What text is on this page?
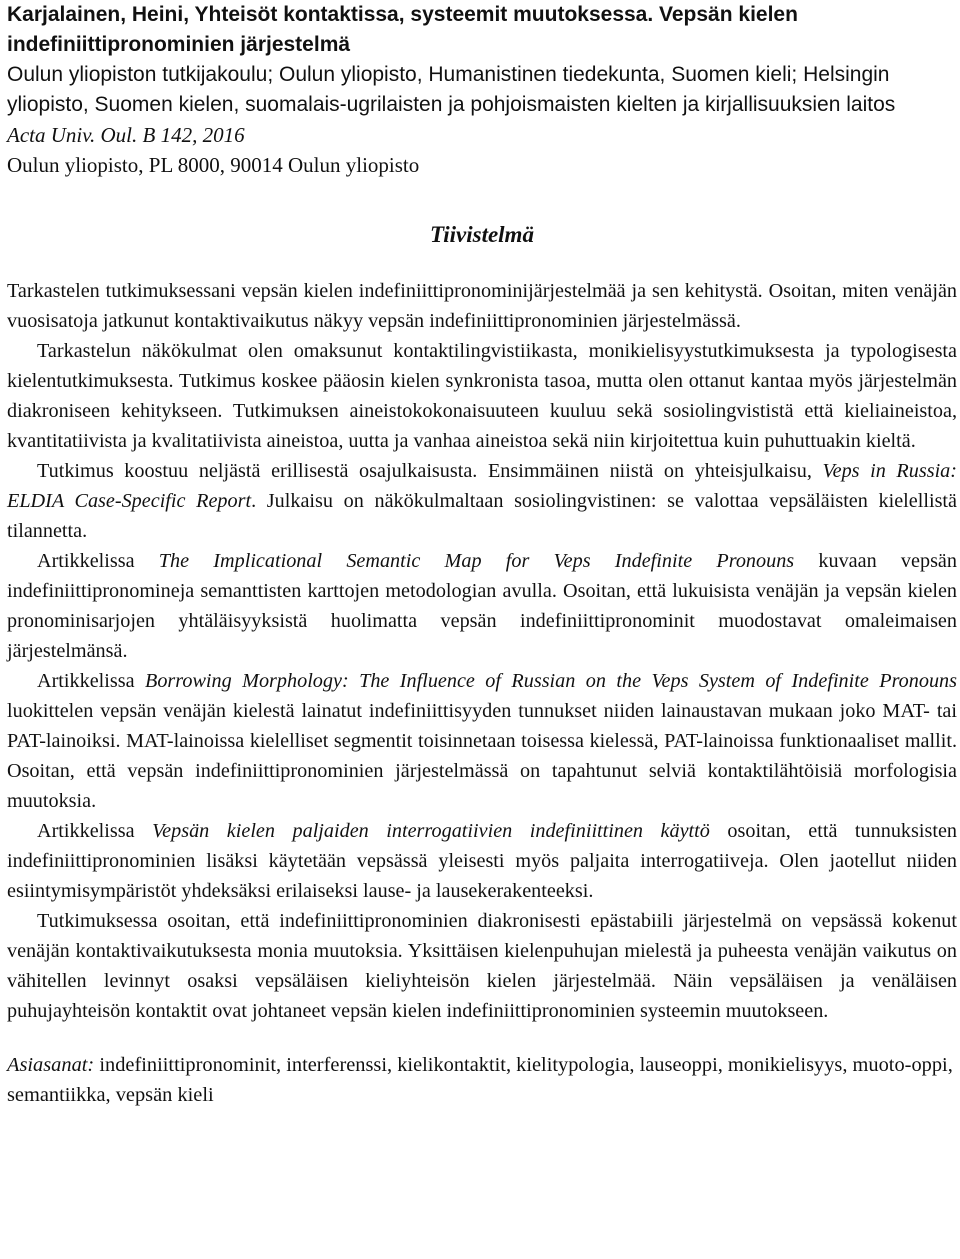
Karjalainen, Heini, Yhteisöt kontaktissa, systeemit muutoksessa. Vepsän kielen indefiniittipronominien järjestelmä

Oulun yliopiston tutkijakoulu; Oulun yliopisto, Humanistinen tiedekunta, Suomen kieli; Helsingin yliopisto, Suomen kielen, suomalais-ugrilaisten ja pohjoismaisten kielten ja kirjallisuuksien laitos

Acta Univ. Oul. B 142, 2016

Oulun yliopisto, PL 8000, 90014 Oulun yliopisto

Tiivistelmä

Tarkastelen tutkimuksessani vepsän kielen indefiniittipronominijärjestelmää ja sen kehitystä. Osoitan, miten venäjän vuosisatoja jatkunut kontaktivaikutus näkyy vepsän indefiniittipronominien järjestelmässä.

Tarkastelun näkökulmat olen omaksunut kontaktilingvistiikasta, monikielisyystutkimuksesta ja typologisesta kielentutkimuksesta. Tutkimus koskee pääosin kielen synkronista tasoa, mutta olen ottanut kantaa myös järjestelmän diakroniseen kehitykseen. Tutkimuksen aineistokokonaisuuteen kuuluu sekä sosiolingvististä että kieliaineistoa, kvantitatiivista ja kvalitatiivista aineistoa, uutta ja vanhaa aineistoa sekä niin kirjoitettua kuin puhuttuakin kieltä.

Tutkimus koostuu neljästä erillisestä osajulkaisusta. Ensimmäinen niistä on yhteisjulkaisu, Veps in Russia: ELDIA Case-Specific Report. Julkaisu on näkökulmaltaan sosiolingvistinen: se valottaa vepsäläisten kielellistä tilannetta.

Artikkelissa The Implicational Semantic Map for Veps Indefinite Pronouns kuvaan vepsän indefiniittipronomineja semanttisten karttojen metodologian avulla. Osoitan, että lukuisista venäjän ja vepsän kielen pronominisarjojen yhtäläisyyksistä huolimatta vepsän indefiniittipronominit muodostavat omaleimaisen järjestelmänsä.

Artikkelissa Borrowing Morphology: The Influence of Russian on the Veps System of Indefinite Pronouns luokittelen vepsän venäjän kielestä lainatut indefiniittisyyden tunnukset niiden lainaustavan mukaan joko MAT- tai PAT-lainoiksi. MAT-lainoissa kielelliset segmentit toisinnetaan toisessa kielessä, PAT-lainoissa funktionaaliset mallit. Osoitan, että vepsän indefiniittipronominien järjestelmässä on tapahtunut selviä kontaktilähtöisiä morfologisia muutoksia.

Artikkelissa Vepsän kielen paljaiden interrogatiivien indefiniittinen käyttö osoitan, että tunnuksisten indefiniittipronominien lisäksi käytetään vepsässä yleisesti myös paljaita interrogatiiveja. Olen jaotellut niiden esiintymisympäristöt yhdeksäksi erilaiseksi lause- ja lausekerakenteeksi.

Tutkimuksessa osoitan, että indefiniittipronominien diakronisesti epästabiili järjestelmä on vepsässä kokenut venäjän kontaktivaikutuksesta monia muutoksia. Yksittäisen kielenpuhujan mielestä ja puheesta venäjän vaikutus on vähitellen levinnyt osaksi vepsäläisen kieliyhteisön kielen järjestelmää. Näin vepsäläisen ja venäläisen puhujayhteisön kontaktit ovat johtaneet vepsän kielen indefiniittipronominien systeemin muutokseen.

Asiasanat: indefiniittipronominit, interferenssi, kielikontaktit, kielitypologia, lauseoppi, monikielisyys, muoto-oppi, semantiikka, vepsän kieli
